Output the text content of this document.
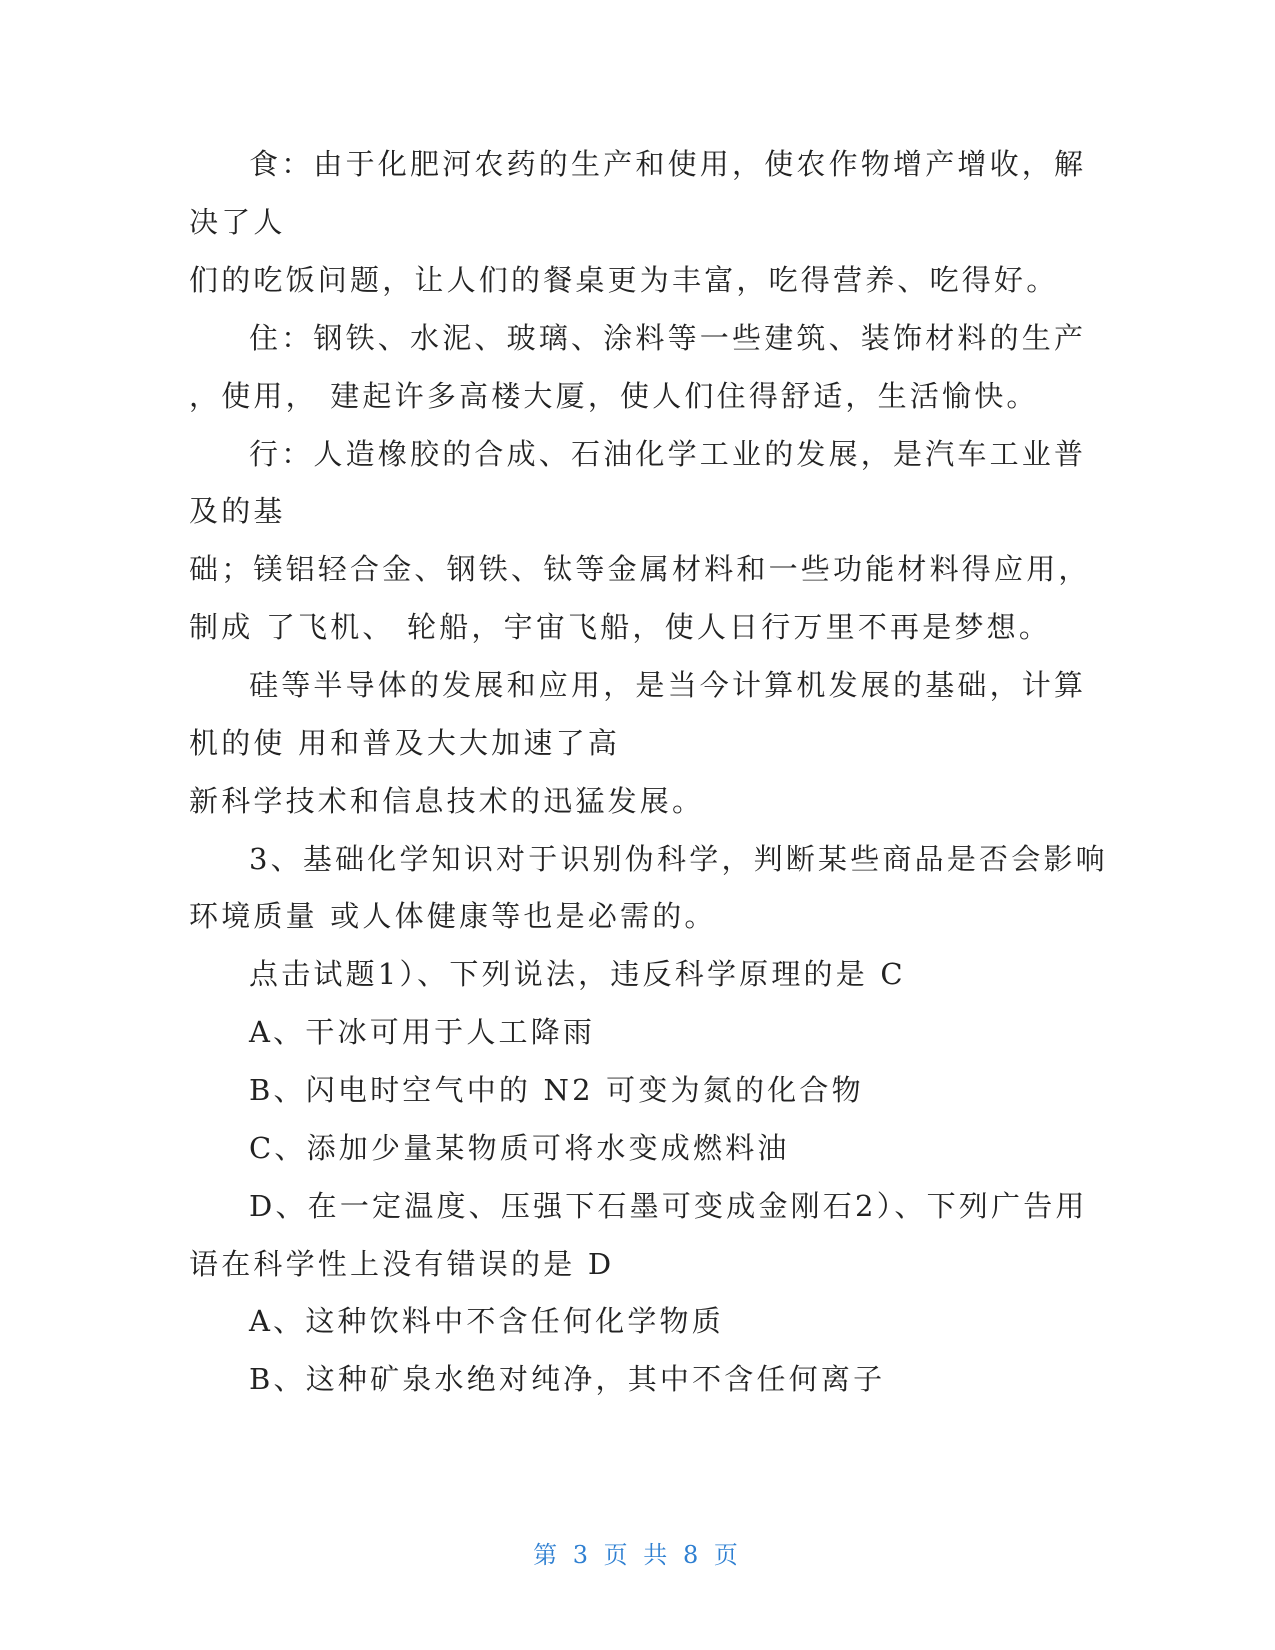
食：由于化肥河农药的生产和使用，使农作物增产增收，解
决了人
们的吃饭问题，让人们的餐桌更为丰富，吃得营养、吃得好。
住：钢铁、水泥、玻璃、涂料等一些建筑、装饰材料的生产
，使用， 建起许多高楼大厦，使人们住得舒适，生活愉快。
行：人造橡胶的合成、石油化学工业的发展，是汽车工业普
及的基
础；镁铝轻合金、钢铁、钛等金属材料和一些功能材料得应用，
制成 了飞机、 轮船，宇宙飞船，使人日行万里不再是梦想。
硅等半导体的发展和应用，是当今计算机发展的基础，计算
机的使 用和普及大大加速了高
新科学技术和信息技术的迅猛发展。
3、基础化学知识对于识别伪科学，判断某些商品是否会影响
环境质量 或人体健康等也是必需的。
点击试题1）、下列说法，违反科学原理的是 C
A、干冰可用于人工降雨
B、闪电时空气中的 N2 可变为氮的化合物
C、添加少量某物质可将水变成燃料油
D、在一定温度、压强下石墨可变成金刚石2）、下列广告用
语在科学性上没有错误的是 D
A、这种饮料中不含任何化学物质
B、这种矿泉水绝对纯净，其中不含任何离子
第 3 页 共 8 页
